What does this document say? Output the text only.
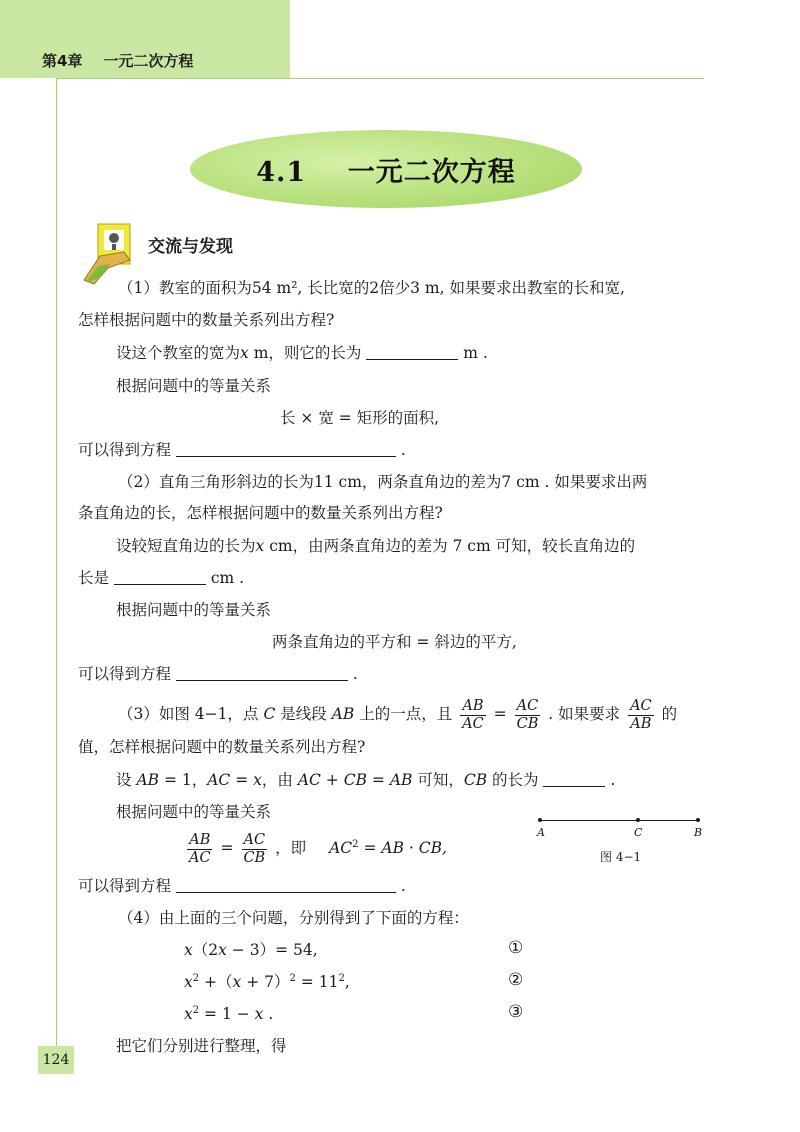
第4章    一元二次方程
4.1    一元二次方程
交流与发现
（1）教室的面积为54 m², 长比宽的2倍少3 m, 如果要求出教室的长和宽,
怎样根据问题中的数量关系列出方程?
设这个教室的宽为x m，则它的长为	m .
根据问题中的等量关系
长 × 宽 = 矩形的面积,
可以得到方程	.
（2）直角三角形斜边的长为11 cm，两条直角边的差为7 cm . 如果要求出两
条直角边的长，怎样根据问题中的数量关系列出方程?
设较短直角边的长为x cm，由两条直角边的差为 7 cm 可知，较长直角边的
长是	cm .
根据问题中的等量关系
两条直角边的平方和 = 斜边的平方,
可以得到方程	.
（3）如图 4−1，点 C 是线段 AB 上的一点，且 $\frac{AB}{AC} = \frac{AC}{CB}$ . 如果要求 $\frac{AC}{AB}$ 的
值，怎样根据问题中的数量关系列出方程?
设 AB = 1，AC = x，由 AC + CB = AB 可知，CB 的长为	.
根据问题中的等量关系
$\frac{AB}{AC} = \frac{AC}{CB}$ ，即 $AC^2$ = AB · CB,
可以得到方程	.
A	C	B
图 4−1
（4）由上面的三个问题，分别得到了下面的方程：
x（2x − 3）= 54,	①
$x^2 +(x + 7)^2 = 11^2$,	②
$x^2 = 1 - x$ .	③
把它们分别进行整理，得
124
